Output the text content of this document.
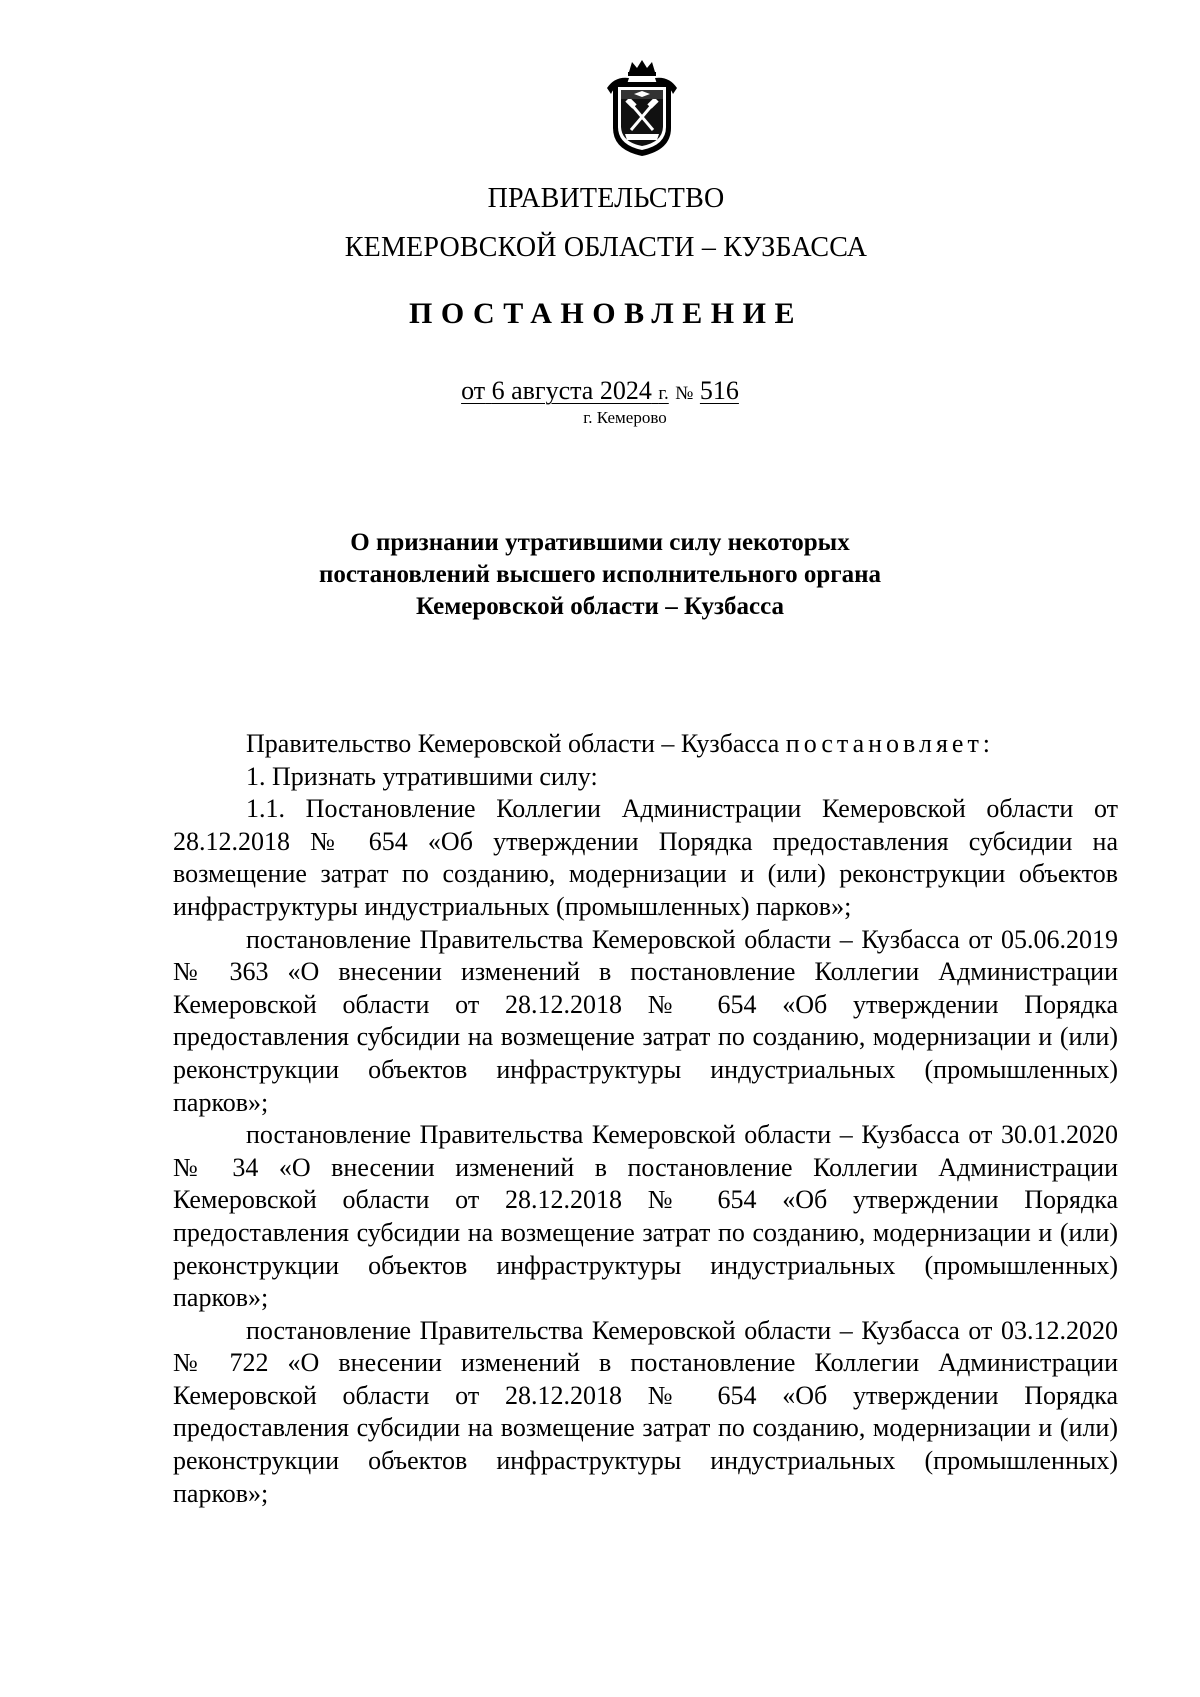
ПРАВИТЕЛЬСТВО
КЕМЕРОВСКОЙ ОБЛАСТИ – КУЗБАССА
ПОСТАНОВЛЕНИЕ
от 6 августа 2024 г. № 516
г. Кемерово
О признании утратившими силу некоторых
постановлений высшего исполнительного органа
Кемеровской области – Кузбасса

Правительство Кемеровской области – Кузбасса постановляет:

1. Признать утратившими силу:

1.1. Постановление Коллегии Администрации Кемеровской области от 28.12.2018 № 654 «Об утверждении Порядка предоставления субсидии на возмещение затрат по созданию, модернизации и (или) реконструкции объектов инфраструктуры индустриальных (промышленных) парков»;

постановление Правительства Кемеровской области – Кузбасса от 05.06.2019 № 363 «О внесении изменений в постановление Коллегии Администрации Кемеровской области от 28.12.2018 № 654 «Об утверждении Порядка предоставления субсидии на возмещение затрат по созданию, модернизации и (или) реконструкции объектов инфраструктуры индустриальных (промышленных) парков»;

постановление Правительства Кемеровской области – Кузбасса от 30.01.2020 № 34 «О внесении изменений в постановление Коллегии Администрации Кемеровской области от 28.12.2018 № 654 «Об утверждении Порядка предоставления субсидии на возмещение затрат по созданию, модернизации и (или) реконструкции объектов инфраструктуры индустриальных (промышленных) парков»;

постановление Правительства Кемеровской области – Кузбасса от 03.12.2020 № 722 «О внесении изменений в постановление Коллегии Администрации Кемеровской области от 28.12.2018 № 654 «Об утверждении Порядка предоставления субсидии на возмещение затрат по созданию, модернизации и (или) реконструкции объектов инфраструктуры индустриальных (промышленных) парков»;
